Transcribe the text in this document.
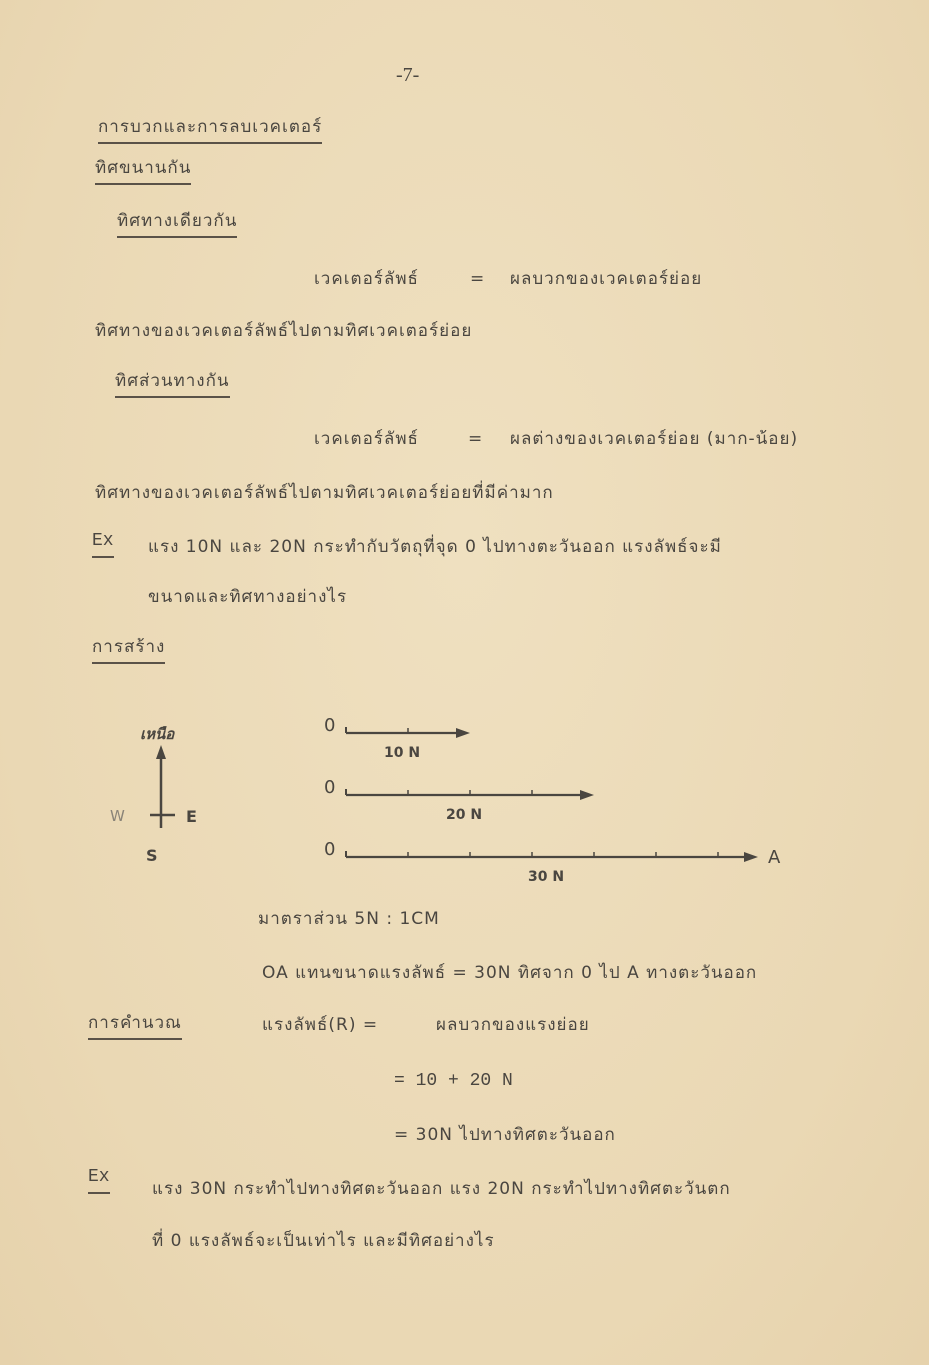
-7-
การบวกและการลบเวคเตอร์
ทิศขนานกัน
ทิศทางเดียวกัน
เวคเตอร์ลัพธ์	= ผลบวกของเวคเตอร์ย่อย
ทิศทางของเวคเตอร์ลัพธ์ไปตามทิศเวคเตอร์ย่อย
ทิศส่วนทางกัน
เวคเตอร์ลัพธ์	= ผลต่างของเวคเตอร์ย่อย (มาก-น้อย)
ทิศทางของเวคเตอร์ลัพธ์ไปตามทิศเวคเตอร์ย่อยที่มีค่ามาก
Ex แรง 10N และ 20N กระทำกับวัตถุที่จุด 0 ไปทางตะวันออก แรงลัพธ์จะมี
ขนาดและทิศทางอย่างไร
การสร้าง
เหนือ
W	E
S
0
10 N
0
20 N
0
30 N
A
มาตราส่วน 5N : 1CM
OA แทนขนาดแรงลัพธ์ = 30N ทิศจาก 0 ไป A ทางตะวันออก
การคำนวณ	แรงลัพธ์(R) =	ผลบวกของแรงย่อย
= 10 + 20 N
= 30N ไปทางทิศตะวันออก
Ex
แรง 30N กระทำไปทางทิศตะวันออก แรง 20N กระทำไปทางทิศตะวันตก
ที่ 0 แรงลัพธ์จะเป็นเท่าไร และมีทิศอย่างไร
